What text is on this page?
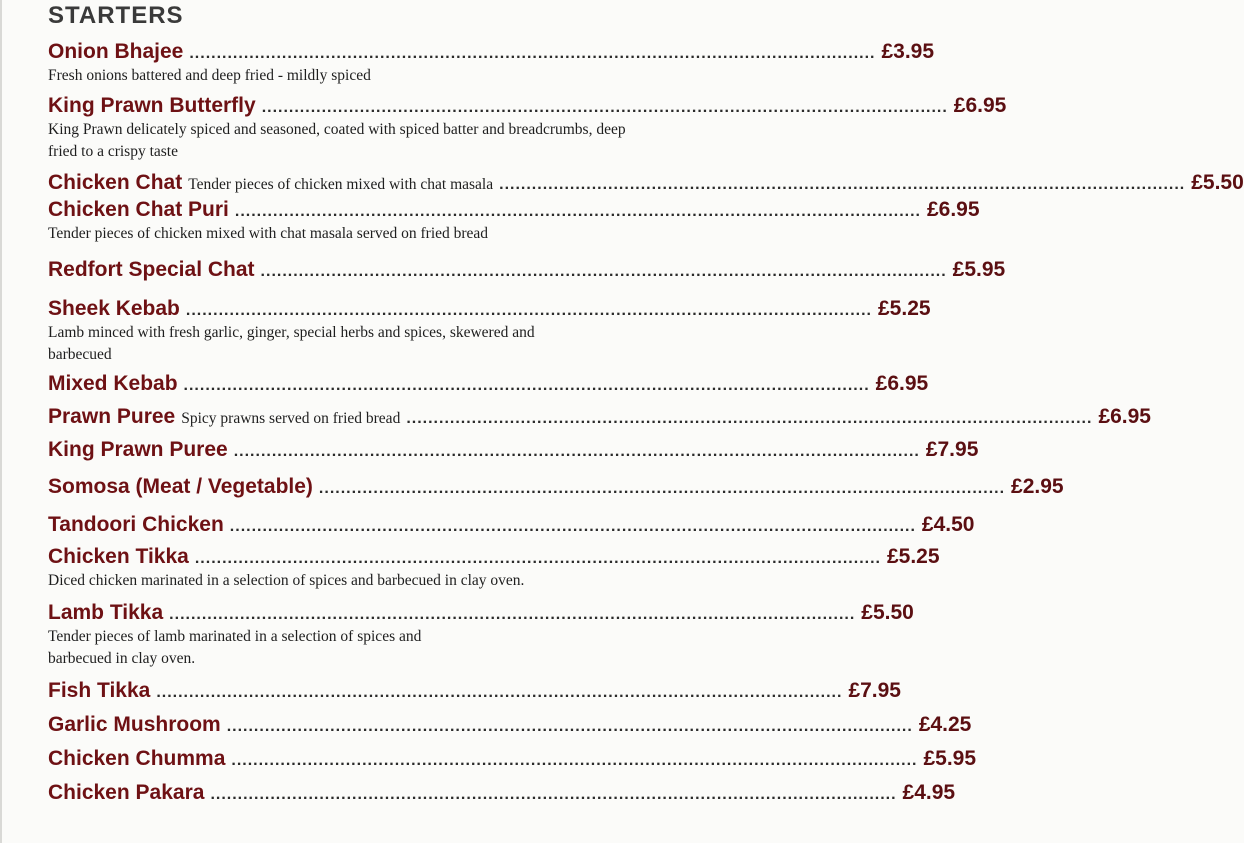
STARTERS
Onion Bhajee .............................................................................................................................. £3.95
Fresh onions battered and deep fried - mildly spiced
King Prawn Butterfly .............................................................................................................................. £6.95
King Prawn delicately spiced and seasoned, coated with spiced batter and breadcrumbs, deep fried to a crispy taste
Chicken Chat Tender pieces of chicken mixed with chat masala .............................................................................................................................. £5.50
Chicken Chat Puri .............................................................................................................................. £6.95
Tender pieces of chicken mixed with chat masala served on fried bread
Redfort Special Chat .............................................................................................................................. £5.95
Sheek Kebab .............................................................................................................................. £5.25
Lamb minced with fresh garlic, ginger, special herbs and spices, skewered and barbecued
Mixed Kebab .............................................................................................................................. £6.95
Prawn Puree Spicy prawns served on fried bread .............................................................................................................................. £6.95
King Prawn Puree .............................................................................................................................. £7.95
Somosa (Meat / Vegetable) .............................................................................................................................. £2.95
Tandoori Chicken .............................................................................................................................. £4.50
Chicken Tikka .............................................................................................................................. £5.25
Diced chicken marinated in a selection of spices and barbecued in clay oven.
Lamb Tikka .............................................................................................................................. £5.50
Tender pieces of lamb marinated in a selection of spices and barbecued in clay oven.
Fish Tikka .............................................................................................................................. £7.95
Garlic Mushroom .............................................................................................................................. £4.25
Chicken Chumma .............................................................................................................................. £5.95
Chicken Pakara .............................................................................................................................. £4.95
